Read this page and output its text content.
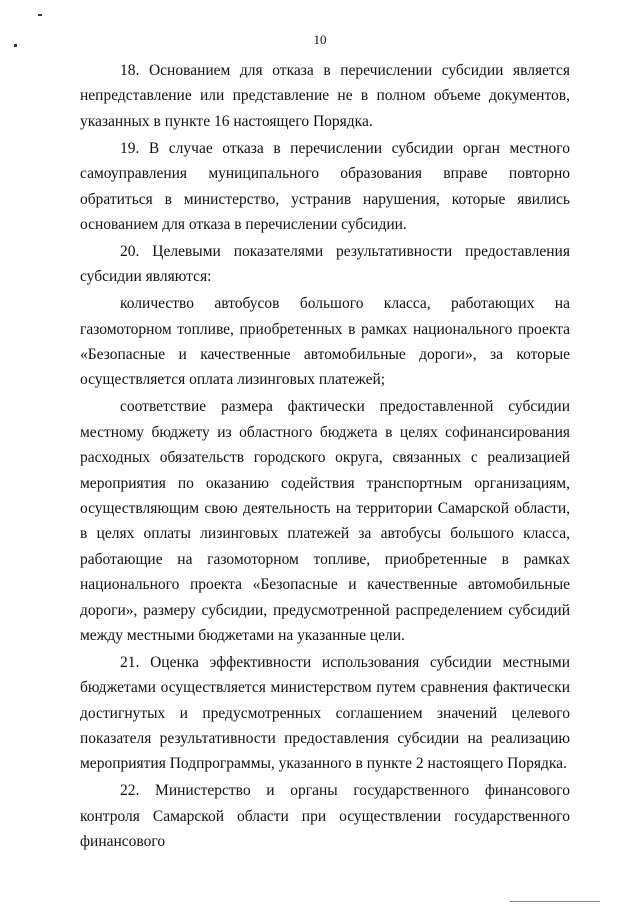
10

18. Основанием для отказа в перечислении субсидии является непредставление или представление не в полном объеме документов, указанных в пункте 16 настоящего Порядка.

19. В случае отказа в перечислении субсидии орган местного самоуправления муниципального образования вправе повторно обратиться в министерство, устранив нарушения, которые явились основанием для отказа в перечислении субсидии.

20. Целевыми показателями результативности предоставления субсидии являются:

количество автобусов большого класса, работающих на газомоторном топливе, приобретенных в рамках национального проекта «Безопасные и качественные автомобильные дороги», за которые осуществляется оплата лизинговых платежей;

соответствие размера фактически предоставленной субсидии местному бюджету из областного бюджета в целях софинансирования расходных обязательств городского округа, связанных с реализацией мероприятия по оказанию содействия транспортным организациям, осуществляющим свою деятельность на территории Самарской области, в целях оплаты лизинговых платежей за автобусы большого класса, работающие на газомоторном топливе, приобретенные в рамках национального проекта «Безопасные и качественные автомобильные дороги», размеру субсидии, предусмотренной распределением субсидий между местными бюджетами на указанные цели.

21. Оценка эффективности использования субсидии местными бюджетами осуществляется министерством путем сравнения фактически достигнутых и предусмотренных соглашением значений целевого показателя результативности предоставления субсидии на реализацию мероприятия Подпрограммы, указанного в пункте 2 настоящего Порядка.

22. Министерство и органы государственного финансового контроля Самарской области при осуществлении государственного финансового
